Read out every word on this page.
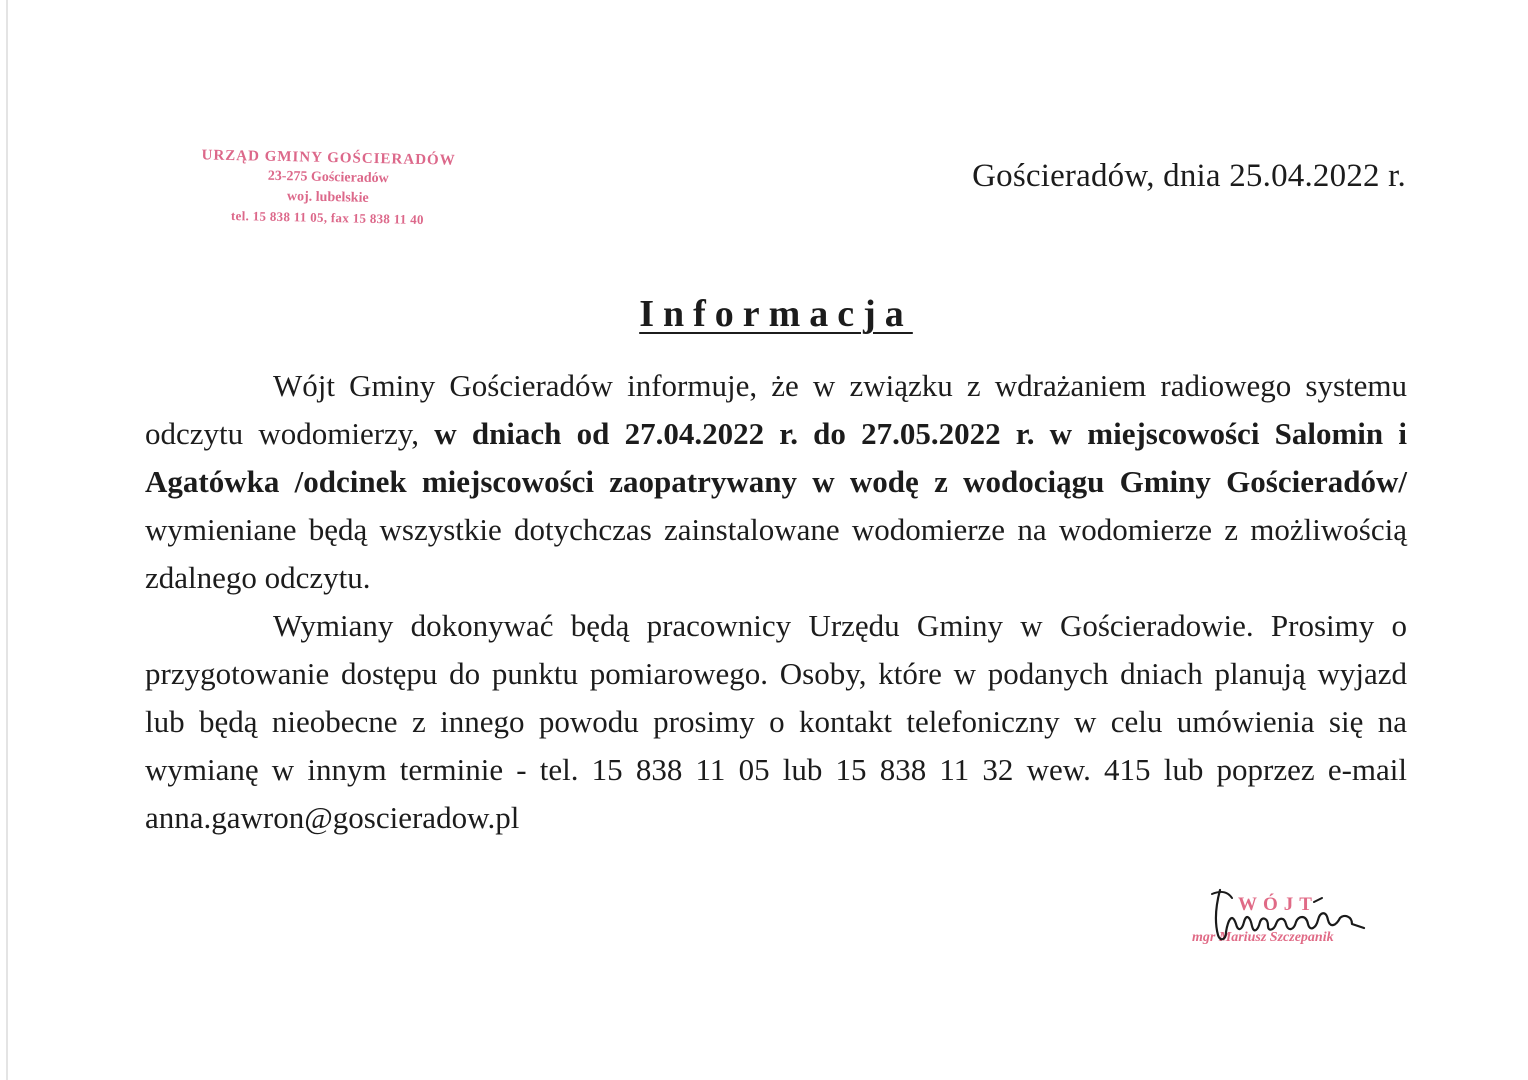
URZĄD GMINY GOŚCIERADÓW
23-275 Gościeradów
woj. lubelskie
tel. 15 838 11 05, fax 15 838 11 40
Gościeradów, dnia 25.04.2022 r.
Informacja

Wójt Gminy Gościeradów informuje, że w związku z wdrażaniem radiowego systemu odczytu wodomierzy, w dniach od 27.04.2022 r. do 27.05.2022 r. w miejscowości Salomin i Agatówka /odcinek miejscowości zaopatrywany w wodę z wodociągu Gminy Gościeradów/ wymieniane będą wszystkie dotychczas zainstalowane wodomierze na wodomierze z możliwością zdalnego odczytu.

Wymiany dokonywać będą pracownicy Urzędu Gminy w Gościeradowie. Prosimy o przygotowanie dostępu do punktu pomiarowego. Osoby, które w podanych dniach planują wyjazd lub będą nieobecne z innego powodu prosimy o kontakt telefoniczny w celu umówienia się na wymianę w innym terminie - tel. 15 838 11 05 lub 15 838 11 32 wew. 415 lub poprzez e-mail anna.gawron@goscieradow.pl

WÓJT
mgr Mariusz Szczepanik
